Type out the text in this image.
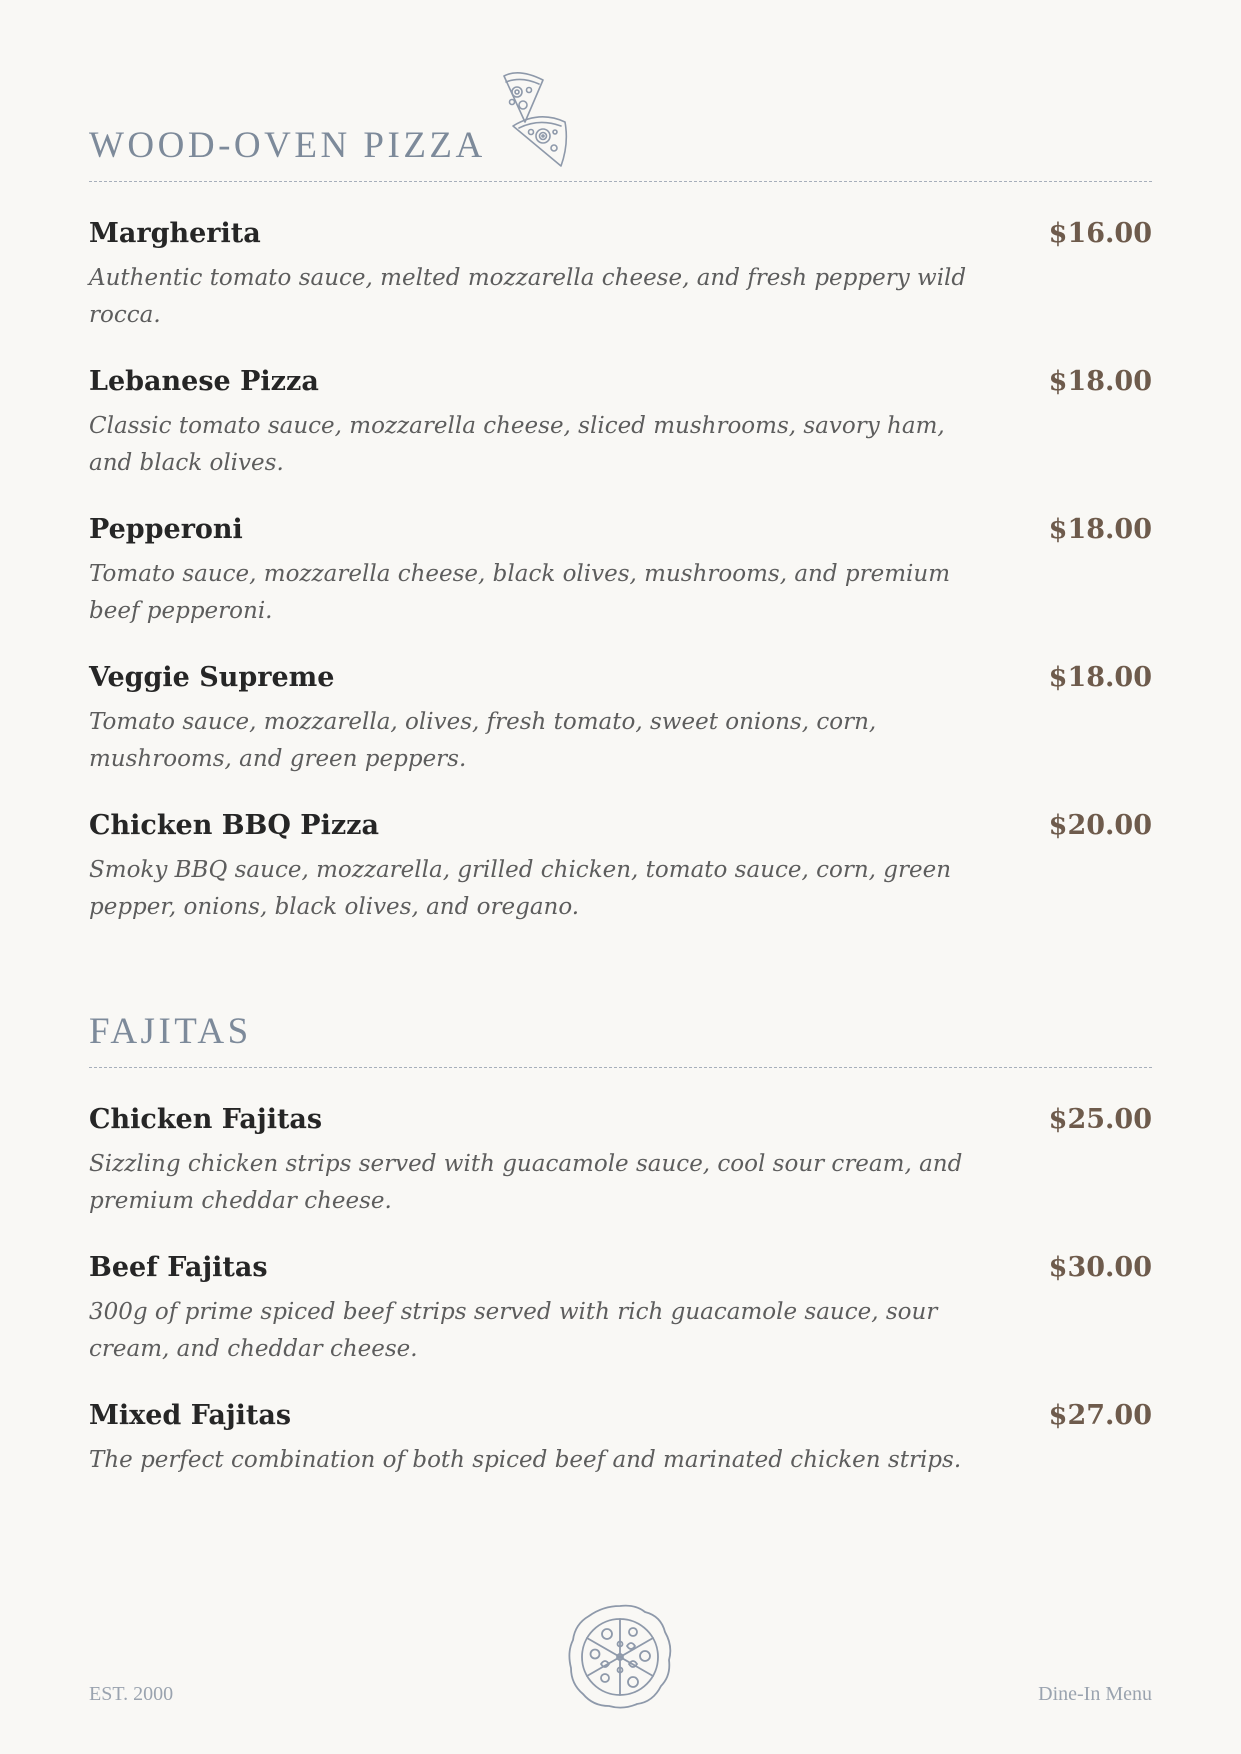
WOOD-OVEN PIZZA

Margherita	$16.00

Authentic tomato sauce, melted mozzarella cheese, and fresh peppery wild rocca.

Lebanese Pizza	$18.00

Classic tomato sauce, mozzarella cheese, sliced mushrooms, savory ham, and black olives.

Pepperoni	$18.00

Tomato sauce, mozzarella cheese, black olives, mushrooms, and premium beef pepperoni.

Veggie Supreme	$18.00

Tomato sauce, mozzarella, olives, fresh tomato, sweet onions, corn, mushrooms, and green peppers.

Chicken BBQ Pizza	$20.00

Smoky BBQ sauce, mozzarella, grilled chicken, tomato sauce, corn, green pepper, onions, black olives, and oregano.

FAJITAS

Chicken Fajitas	$25.00

Sizzling chicken strips served with guacamole sauce, cool sour cream, and premium cheddar cheese.

Beef Fajitas	$30.00

300g of prime spiced beef strips served with rich guacamole sauce, sour cream, and cheddar cheese.

Mixed Fajitas	$27.00

The perfect combination of both spiced beef and marinated chicken strips.

EST. 2000	Dine-In Menu
